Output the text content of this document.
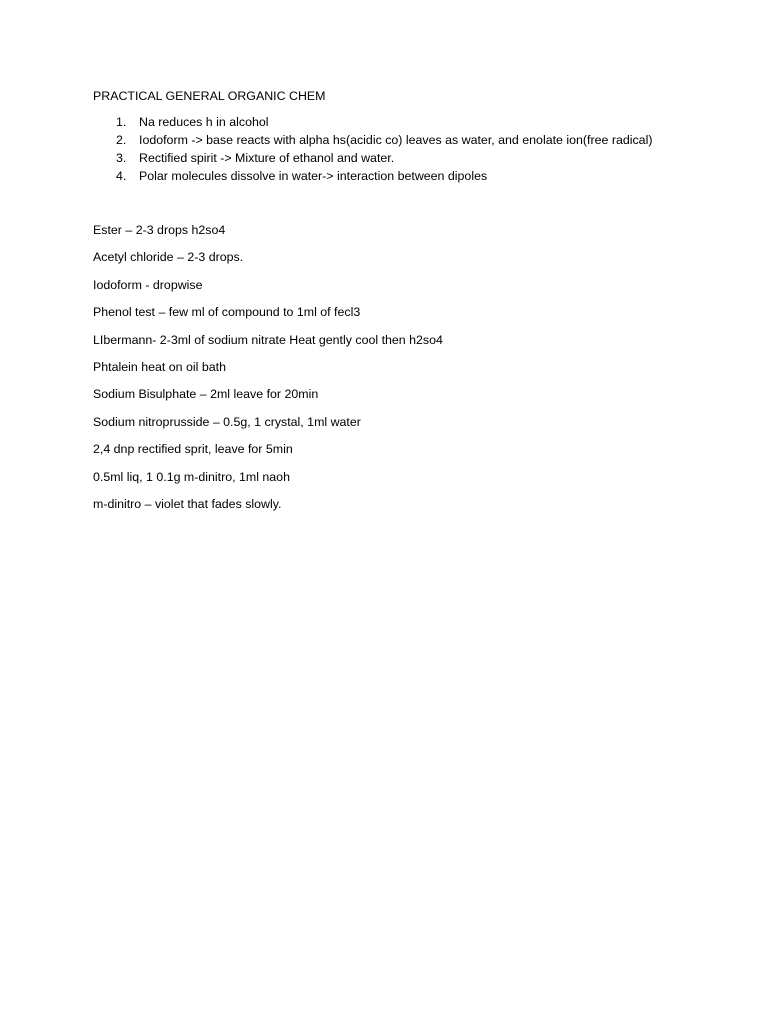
PRACTICAL GENERAL ORGANIC CHEM

1. Na reduces h in alcohol
2. Iodoform -> base reacts with alpha hs(acidic co) leaves as water, and enolate ion(free radical)
3. Rectified spirit -> Mixture of ethanol and water.
4. Polar molecules dissolve in water-> interaction between dipoles

Ester – 2-3 drops h2so4

Acetyl chloride – 2-3 drops.

Iodoform - dropwise

Phenol test – few ml of compound to 1ml of fecl3

LIbermann- 2-3ml of sodium nitrate Heat gently cool then h2so4

Phtalein heat on oil bath

Sodium Bisulphate – 2ml leave for 20min

Sodium nitroprusside – 0.5g, 1 crystal, 1ml water

2,4 dnp rectified sprit, leave for 5min

0.5ml liq, 1 0.1g m-dinitro, 1ml naoh

m-dinitro – violet that fades slowly.
